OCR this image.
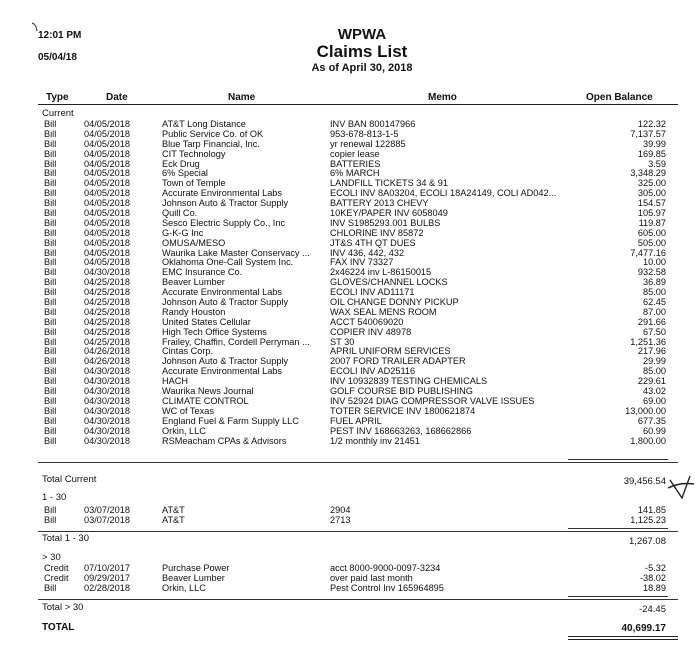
12:01 PM
05/04/18
WPWA
Claims List
As of April 30, 2018
Type	Date	Name	Memo	Open Balance
Current
Bill	04/05/2018	AT&T Long Distance	INV BAN 800147966	122.32
Bill	04/05/2018	Public Service Co. of OK	953-678-813-1-5	7,137.57
Bill	04/05/2018	Blue Tarp Financial, Inc.	yr renewal 122885	39.99
Bill	04/05/2018	CIT Technology	copier lease	169.85
Bill	04/05/2018	Eck Drug	BATTERIES	3.59
Bill	04/05/2018	6% Special	6% MARCH	3,348.29
Bill	04/05/2018	Town of Temple	LANDFILL TICKETS 34 & 91	325.00
Bill	04/05/2018	Accurate Environmental Labs	ECOLI INV 8A03204, ECOLI 18A24149, COLI AD042...	305.00
Bill	04/05/2018	Johnson Auto & Tractor Supply	BATTERY 2013 CHEVY	154.57
Bill	04/05/2018	Quill Co.	10KEY/PAPER INV 6058049	105.97
Bill	04/05/2018	Sesco Electric Supply Co., Inc	INV S1985293.001 BULBS	119.87
Bill	04/05/2018	G-K-G Inc	CHLORINE INV 85872	605.00
Bill	04/05/2018	OMUSA/MESO	JT&S 4TH QT DUES	505.00
Bill	04/05/2018	Waurika Lake Master Conservacy ...	INV 436, 442, 432	7,477.16
Bill	04/05/2018	Oklahoma One-Call System Inc.	FAX INV 73327	10.00
Bill	04/30/2018	EMC Insurance Co.	2x46224 inv L-86150015	932.58
Bill	04/25/2018	Beaver Lumber	GLOVES/CHANNEL LOCKS	36.89
Bill	04/25/2018	Accurate Environmental Labs	ECOLI INV AD11171	85.00
Bill	04/25/2018	Johnson Auto & Tractor Supply	OIL CHANGE DONNY PICKUP	62.45
Bill	04/25/2018	Randy Houston	WAX SEAL MENS ROOM	87.00
Bill	04/25/2018	United States Cellular	ACCT 540069020	291.66
Bill	04/25/2018	High Tech Office Systems	COPIER INV 48978	67.50
Bill	04/25/2018	Frailey, Chaffin, Cordell Perryman ...	ST 30	1,251.36
Bill	04/26/2018	Cintas Corp.	APRIL UNIFORM SERVICES	217.96
Bill	04/26/2018	Johnson Auto & Tractor Supply	2007 FORD TRAILER ADAPTER	29.99
Bill	04/30/2018	Accurate Environmental Labs	ECOLI INV AD25116	85.00
Bill	04/30/2018	HACH	INV 10932839 TESTING CHEMICALS	229.61
Bill	04/30/2018	Waurika News Journal	GOLF COURSE BID PUBLISHING	43.02
Bill	04/30/2018	CLIMATE CONTROL	INV 52924 DIAG COMPRESSOR VALVE ISSUES	69.00
Bill	04/30/2018	WC of Texas	TOTER SERVICE INV 1800621874	13,000.00
Bill	04/30/2018	England Fuel & Farm Supply LLC	FUEL APRIL	677.35
Bill	04/30/2018	Orkin, LLC	PEST INV 168663263, 168662866	60.99
Bill	04/30/2018	RSMeacham CPAs & Advisors	1/2 monthly inv 21451	1,800.00
Total Current	39,456.54
1 - 30
Bill	03/07/2018	AT&T	2904	141.85
Bill	03/07/2018	AT&T	2713	1,125.23
Total 1 - 30	1,267.08
> 30
Credit	07/10/2017	Purchase Power	acct 8000-9000-0097-3234	-5.32
Credit	09/29/2017	Beaver Lumber	over paid last month	-38.02
Bill	02/28/2018	Orkin, LLC	Pest Control Inv 165964895	18.89
Total > 30	-24.45
TOTAL	40,699.17
